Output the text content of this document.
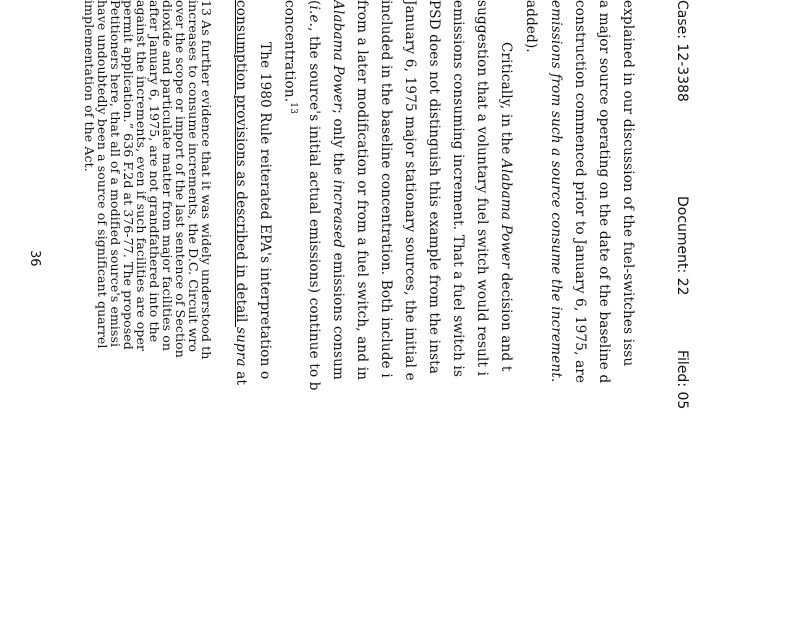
Case: 12-3388
Document: 22
Filed: 05
explained in our discussion of the fuel-switches issu
a major source operating on the date of the baseline d
construction commenced prior to January 6, 1975, are
emissions from such a source consume the increment.
added).
Critically, in the Alabama Power decision and t
suggestion that a voluntary fuel switch would result i
emissions consuming increment. That a fuel switch is
PSD does not distinguish this example from the insta
January 6, 1975 major stationary sources, the initial e
included in the baseline concentration. Both include i
from a later modification or from a fuel switch, and in
Alabama Power; only the increased emissions consum
(i.e., the source's initial actual emissions) continue to b
concentration.$^{13}$
The 1980 Rule reiterated EPA's interpretation o
consumption provisions as described in detail supra at
13 As further evidence that it was widely understood th
increases to consume increments, the D.C. Circuit wro
over the scope or import of the last sentence of Section
dioxide and particulate matter from major facilities on
after January 6, 1975, are not grandfathered into the
against the increments, even if such facilities are oper
permit application.” 636 F.2d at 376-77. The proposed
Petitioners here, that all of a modified source's emissi
have undoubtedly been a source of significant quarrel
implementation of the Act.
36
